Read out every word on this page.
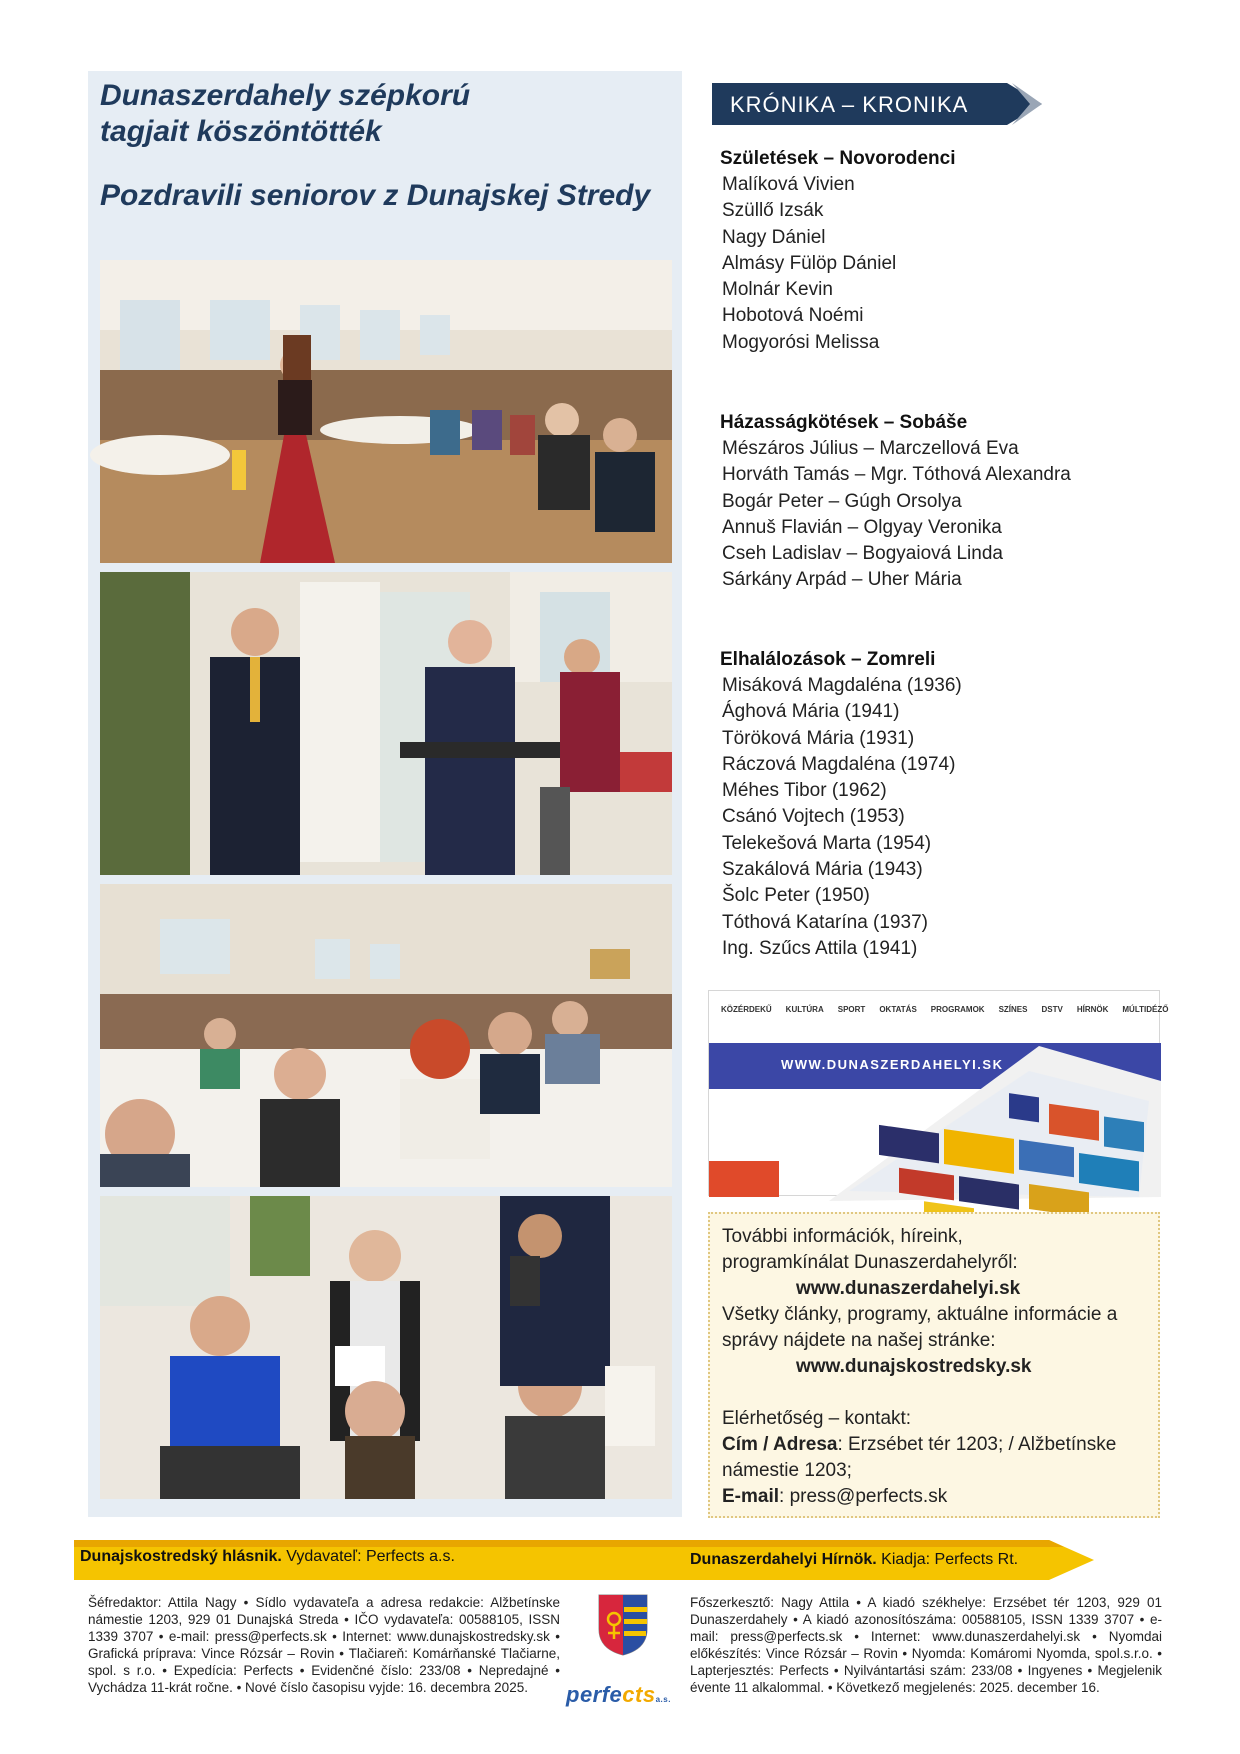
Dunaszerdahely szépkorú
tagjait köszöntötték
Pozdravili seniorov z Dunajskej Stredy
KRÓNIKA – KRONIKA
Születések – Novorodenci
Malíková Vivien
Szüllő Izsák
Nagy Dániel
Almásy Fülöp Dániel
Molnár Kevin
Hobotová Noémi
Mogyorósi Melissa
Házasságkötések – Sobáše
Mészáros Július – Marczellová Eva
Horváth Tamás – Mgr. Tóthová Alexandra
Bogár Peter – Gúgh Orsolya
Annuš Flavián – Olgyay Veronika
Cseh Ladislav – Bogyaiová Linda
Sárkány Arpád – Uher Mária
Elhalálozások – Zomreli
Misáková Magdaléna (1936)
Ághová Mária (1941)
Töröková Mária (1931)
Ráczová Magdaléna (1974)
Méhes Tibor (1962)
Csánó Vojtech (1953)
Telekešová Marta (1954)
Szakálová Mária (1943)
Šolc Peter (1950)
Tóthová Katarína (1937)
Ing. Szűcs Attila (1941)
KÖZÉRDEKŰ KULTÚRA SPORT OKTATÁS PROGRAMOK SZÍNES DSTV HÍRNÖK MÚLTIDÉZŐ
WWW.DUNASZERDAHELYI.SK

További információk, híreink,

programkínálat Dunaszerdahelyről:

www.dunaszerdahelyi.sk

Všetky články, programy, aktuálne informácie a

správy nájdete na našej stránke:

www.dunajskostredsky.sk

Elérhetőség – kontakt:

Cím / Adresa: Erzsébet tér 1203; / Alžbetínske

námestie 1203;

E-mail: press@perfects.sk

Dunajskostredský hlásnik. Vydavateľ: Perfects a.s.	Dunaszerdahelyi Hírnök. Kiadja: Perfects Rt.
Šéfredaktor: Attila Nagy • Sídlo vydavateľa a adresa redakcie: Alžbetínske námestie 1203, 929 01 Dunajská Streda • IČO vydavateľa: 00588105, ISSN 1339 3707 • e-mail: press@perfects.sk • Internet: www.dunajskostredsky.sk • Grafická príprava: Vince Rózsár – Rovin • Tlačiareň: Komárňanské Tlačiarne, spol. s r.o. • Expedícia: Perfects • Evidenčné číslo: 233/08 • Nepredajné • Vychádza 11-krát ročne. • Nové číslo časopisu vyjde: 16. decembra 2025.
Főszerkesztő: Nagy Attila • A kiadó székhelye: Erzsébet tér 1203, 929 01 Dunaszerdahely • A kiadó azonosítószáma: 00588105, ISSN 1339 3707 • e-mail: press@perfects.sk • Internet: www.dunaszerdahelyi.sk • Nyomdai előkészítés: Vince Rózsár – Rovin • Nyomda: Komáromi Nyomda, spol.s.r.o. • Lapterjesztés: Perfects • Nyilvántartási szám: 233/08 • Ingyenes • Megjelenik évente 11 alkalommal. • Következő megjelenés: 2025. december 16.
perfectsa.s.
